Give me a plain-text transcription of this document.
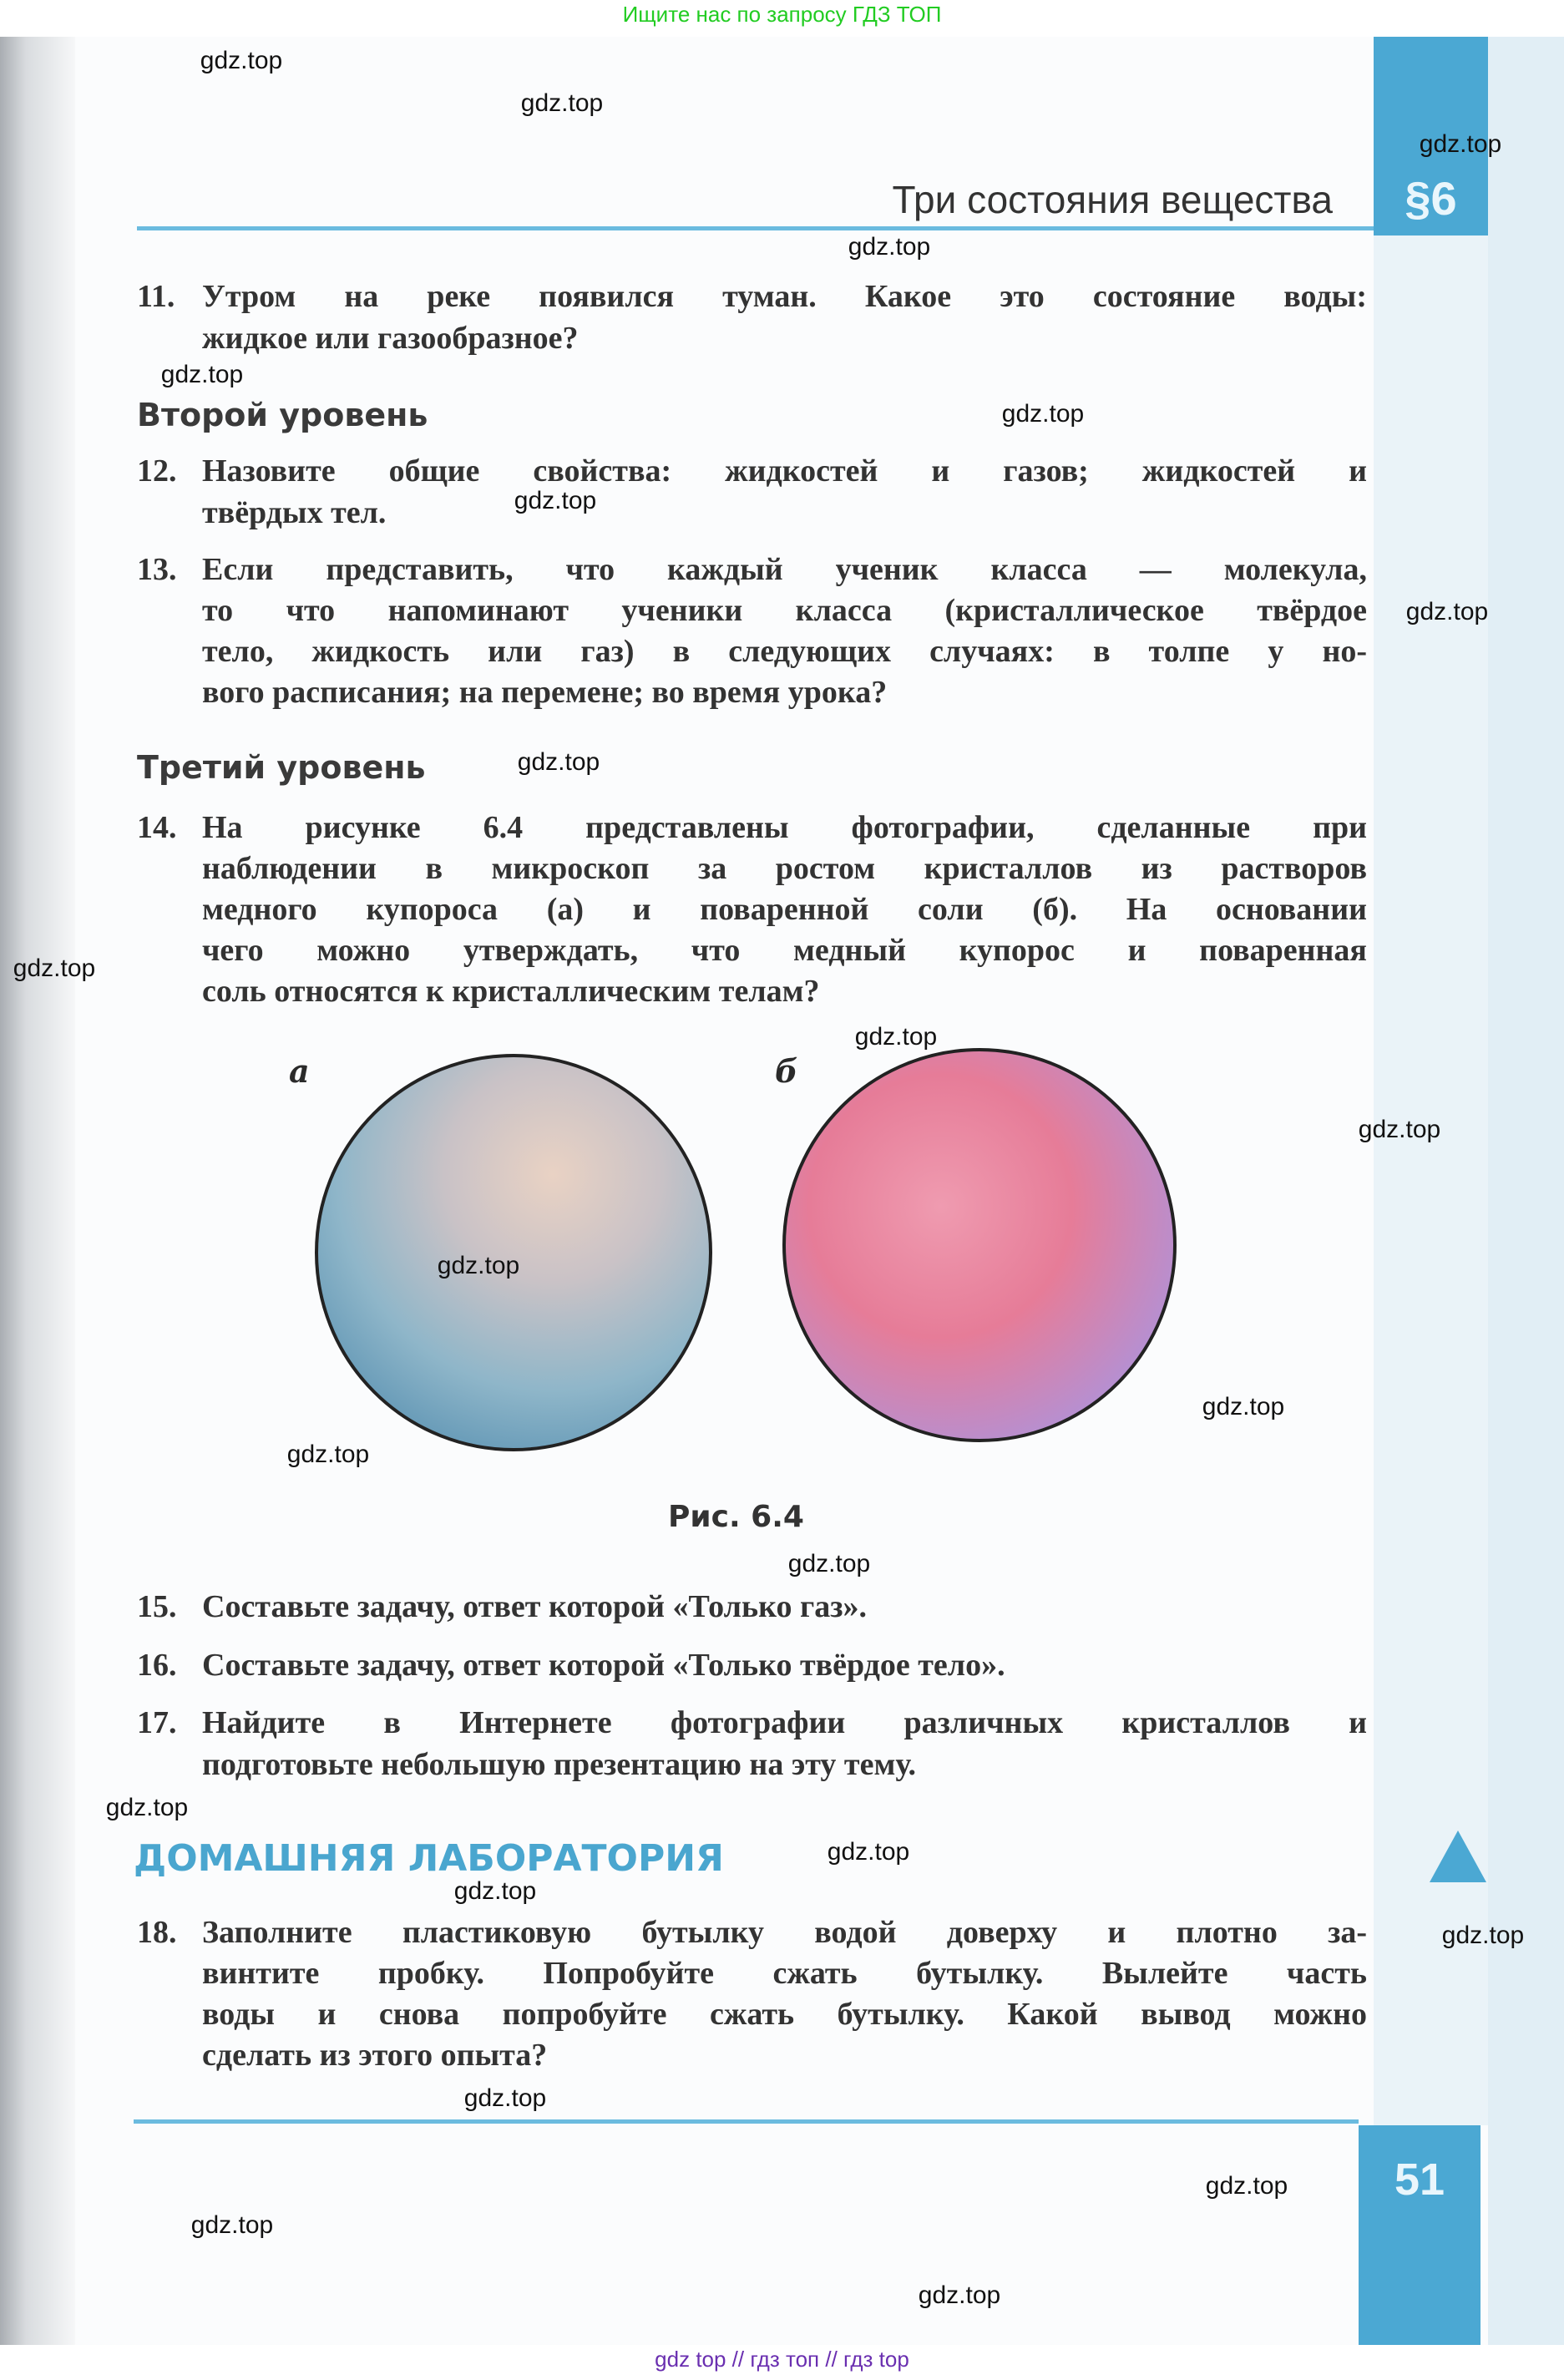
Ищите нас по запросу ГДЗ ТОП
§6
Три состояния вещества
11. Утром на реке появился туман. Какое это состояние воды:
жидкое или газообразное?
Второй уровень
12. Назовите общие свойства: жидкостей и газов; жидкостей и
твёрдых тел.
13. Если представить, что каждый ученик класса — молекула,
то что напоминают ученики класса (кристаллическое твёрдое
тело, жидкость или газ) в следующих случаях: в толпе у но-
вого расписания; на перемене; во время урока?
Третий уровень
14. На рисунке 6.4 представлены фотографии, сделанные при
наблюдении в микроскоп за ростом кристаллов из растворов
медного купороса (а) и поваренной соли (б). На основании
чего можно утверждать, что медный купорос и поваренная
соль относятся к кристаллическим телам?
а	б
Рис. 6.4
15. Составьте задачу, ответ которой «Только газ».
16. Составьте задачу, ответ которой «Только твёрдое тело».
17. Найдите в Интернете фотографии различных кристаллов и
подготовьте небольшую презентацию на эту тему.
ДОМАШНЯЯ ЛАБОРАТОРИЯ
18. Заполните пластиковую бутылку водой доверху и плотно за-
винтите пробку. Попробуйте сжать бутылку. Вылейте часть
воды и снова попробуйте сжать бутылку. Какой вывод можно
сделать из этого опыта?
51
gdz.top
gdz.top
gdz.top
gdz.top
gdz.top
gdz.top
gdz.top
gdz.top
gdz.top
gdz.top
gdz.top
gdz.top
gdz.top
gdz.top
gdz.top
gdz.top
gdz.top
gdz.top
gdz.top
gdz.top
gdz.top
gdz.top
gdz.top
gdz.top
gdz top // гдз топ // гдз top
